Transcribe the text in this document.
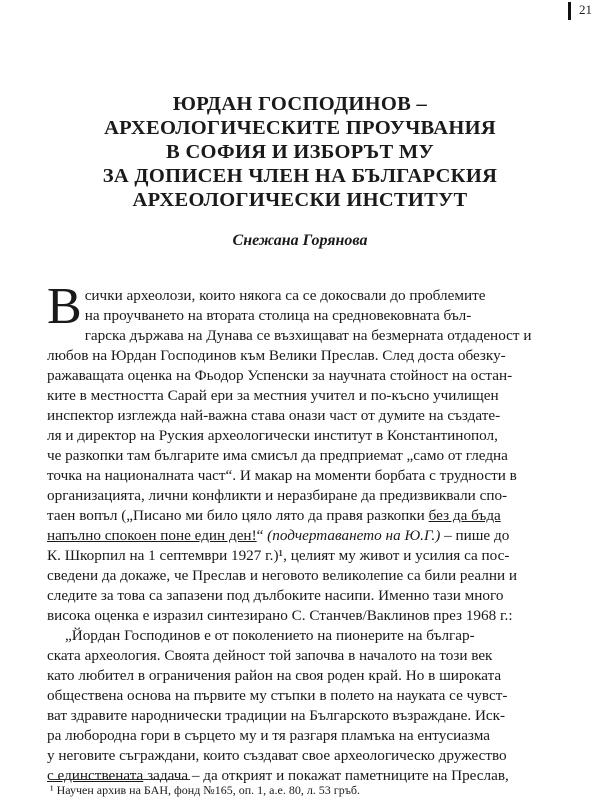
21
ЮРДАН ГОСПОДИНОВ –
АРХЕОЛОГИЧЕСКИТЕ ПРОУЧВАНИЯ
В СОФИЯ И ИЗБОРЪТ МУ
ЗА ДОПИСЕН ЧЛЕН НА БЪЛГАРСКИЯ
АРХЕОЛОГИЧЕСКИ ИНСТИТУТ
Снежана Горянова
В сички археолози, които някога са се докосвали до проблемите
на проучването на втората столица на средновековната бъл-
гарска държава на Дунава се възхищават на безмерната отдаденост и
любов на Юрдан Господинов към Велики Преслав. След доста обезку-
ражаващата оценка на Фьодор Успенски за научната стойност на остан-
ките в местността Сарай ери за местния учител и по-късно училищен
инспектор изглежда най-важна става онази част от думите на създате-
ля и директор на Руския археологически институт в Константинопол,
че разкопки там българите има смисъл да предприемат „само от гледна
точка на националната част“. И макар на моменти борбата с трудности в
организацията, лични конфликти и неразбиране да предизвиквали спо-
таен вопъл („Писано ми било цяло лято да правя разкопки без да бъда
напълно спокоен поне един ден!“ (подчертаването на Ю.Г.) – пише до
К. Шкорпил на 1 септември 1927 г.)¹, целият му живот и усилия са пос-
сведени да докаже, че Преслав и неговото великолепие са били реални и
следите за това са запазени под дълбоките насипи. Именно тази много
висока оценка е изразил синтезирано С. Станчев/Ваклинов през 1968 г.:
„Йордан Господинов е от поколението на пионерите на българ-
ската археология. Своята дейност той започва в началото на този век
като любител в ограничения район на своя роден край. Но в широката
обществена основа на първите му стъпки в полето на науката се чувст-
ват здравите народнически традиции на Българското възраждане. Иск-
ра любородна гори в сърцето му и тя разгаря пламъка на ентусиазма
у неговите съграждани, които създават свое археологическо дружество
с единствената задача – да открият и покажат паметниците на Преслав,
¹ Научен архив на БАН, фонд №165, оп. 1, а.е. 80, л. 53 гръб.
